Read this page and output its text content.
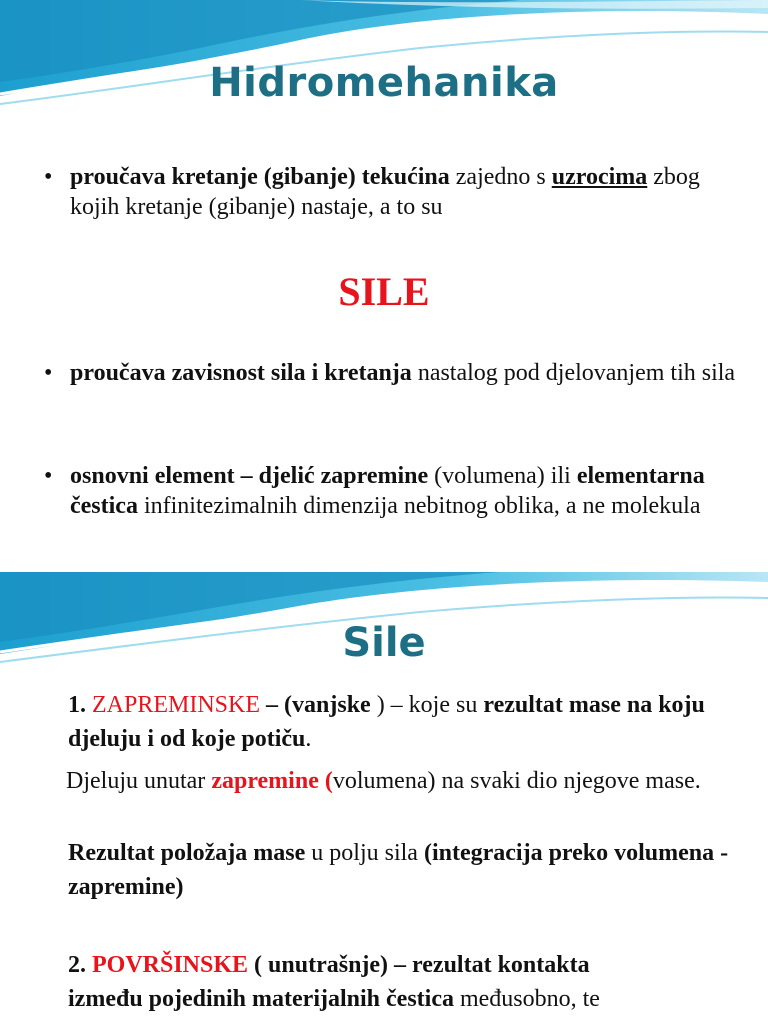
Hidromehanika
• proučava kretanje (gibanje) tekućina zajedno s uzrocima zbog kojih kretanje (gibanje) nastaje, a to su
SILE
• proučava zavisnost sila i kretanja nastalog pod djelovanjem tih sila
• osnovni element – djelić zapremine (volumena) ili elementarna čestica infinitezimalnih dimenzija nebitnog oblika, a ne molekula
Sile
1. ZAPREMINSKE – (vanjske ) – koje su rezultat mase na koju djeluju i od koje potiču.
Djeluju unutar zapremine (volumena) na svaki dio njegove mase.
Rezultat položaja mase u polju sila (integracija preko volumena - zapremine)
2. POVRŠINSKE ( unutrašnje) – rezultat kontakta
između pojedinih materijalnih čestica međusobno, te
